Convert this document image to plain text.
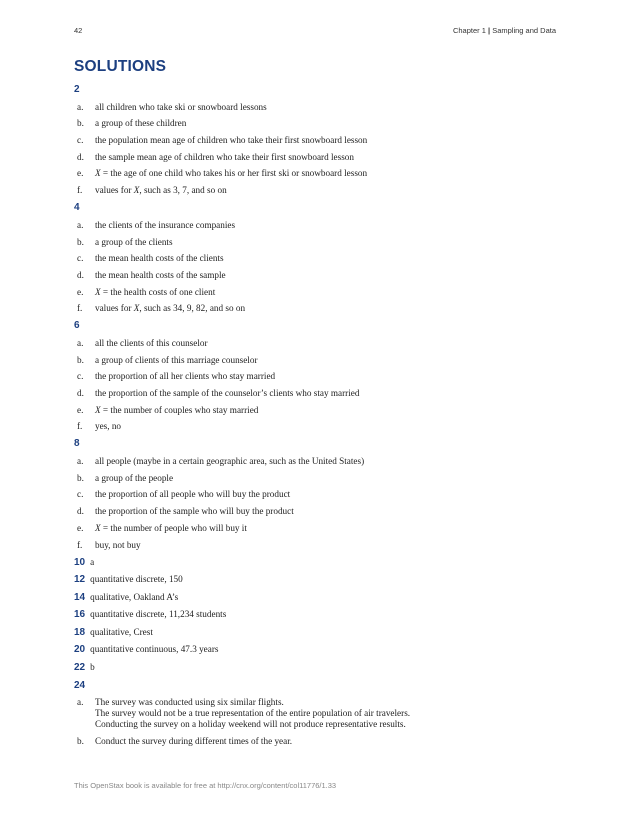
42	Chapter 1 | Sampling and Data
SOLUTIONS
2
a. all children who take ski or snowboard lessons
b. a group of these children
c. the population mean age of children who take their first snowboard lesson
d. the sample mean age of children who take their first snowboard lesson
e. X = the age of one child who takes his or her first ski or snowboard lesson
f. values for X, such as 3, 7, and so on
4
a. the clients of the insurance companies
b. a group of the clients
c. the mean health costs of the clients
d. the mean health costs of the sample
e. X = the health costs of one client
f. values for X, such as 34, 9, 82, and so on
6
a. all the clients of this counselor
b. a group of clients of this marriage counselor
c. the proportion of all her clients who stay married
d. the proportion of the sample of the counselor’s clients who stay married
e. X = the number of couples who stay married
f. yes, no
8
a. all people (maybe in a certain geographic area, such as the United States)
b. a group of the people
c. the proportion of all people who will buy the product
d. the proportion of the sample who will buy the product
e. X = the number of people who will buy it
f. buy, not buy
10 a
12 quantitative discrete, 150
14 qualitative, Oakland A’s
16 quantitative discrete, 11,234 students
18 qualitative, Crest
20 quantitative continuous, 47.3 years
22 b
24
a. The survey was conducted using six similar flights.
The survey would not be a true representation of the entire population of air travelers.
Conducting the survey on a holiday weekend will not produce representative results.
b. Conduct the survey during different times of the year.
This OpenStax book is available for free at http://cnx.org/content/col11776/1.33
